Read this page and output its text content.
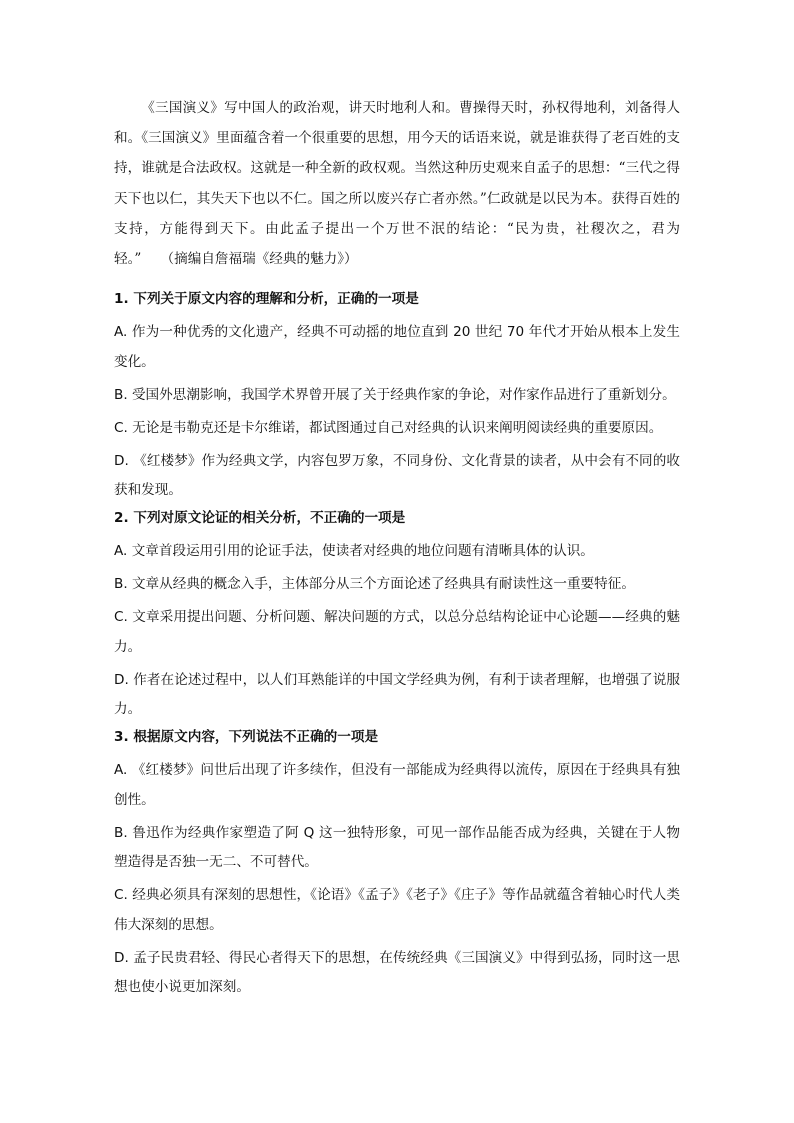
《三国演义》写中国人的政治观，讲天时地利人和。曹操得天时，孙权得地利，刘备得人和。《三国演义》里面蕴含着一个很重要的思想，用今天的话语来说，就是谁获得了老百姓的支持，谁就是合法政权。这就是一种全新的政权观。当然这种历史观来自孟子的思想：“三代之得天下也以仁，其失天下也以不仁。国之所以废兴存亡者亦然。”仁政就是以民为本。获得百姓的支持，方能得到天下。由此孟子提出一个万世不泯的结论：“民为贵，社稷次之，君为轻。” （摘编自詹福瑞《经典的魅力》）

1. 下列关于原文内容的理解和分析，正确的一项是

A. 作为一种优秀的文化遗产，经典不可动摇的地位直到 20 世纪 70 年代才开始从根本上发生变化。

B. 受国外思潮影响，我国学术界曾开展了关于经典作家的争论，对作家作品进行了重新划分。

C. 无论是韦勒克还是卡尔维诺，都试图通过自己对经典的认识来阐明阅读经典的重要原因。

D. 《红楼梦》作为经典文学，内容包罗万象，不同身份、文化背景的读者，从中会有不同的收获和发现。

2. 下列对原文论证的相关分析，不正确的一项是

A. 文章首段运用引用的论证手法，使读者对经典的地位问题有清晰具体的认识。

B. 文章从经典的概念入手，主体部分从三个方面论述了经典具有耐读性这一重要特征。

C. 文章采用提出问题、分析问题、解决问题的方式，以总分总结构论证中心论题——经典的魅力。

D. 作者在论述过程中，以人们耳熟能详的中国文学经典为例，有利于读者理解，也增强了说服力。

3. 根据原文内容，下列说法不正确的一项是

A. 《红楼梦》问世后出现了许多续作，但没有一部能成为经典得以流传，原因在于经典具有独创性。

B. 鲁迅作为经典作家塑造了阿 Q 这一独特形象，可见一部作品能否成为经典，关键在于人物塑造得是否独一无二、不可替代。

C. 经典必须具有深刻的思想性，《论语》《孟子》《老子》《庄子》等作品就蕴含着轴心时代人类伟大深刻的思想。

D. 孟子民贵君轻、得民心者得天下的思想，在传统经典《三国演义》中得到弘扬，同时这一思想也使小说更加深刻。
